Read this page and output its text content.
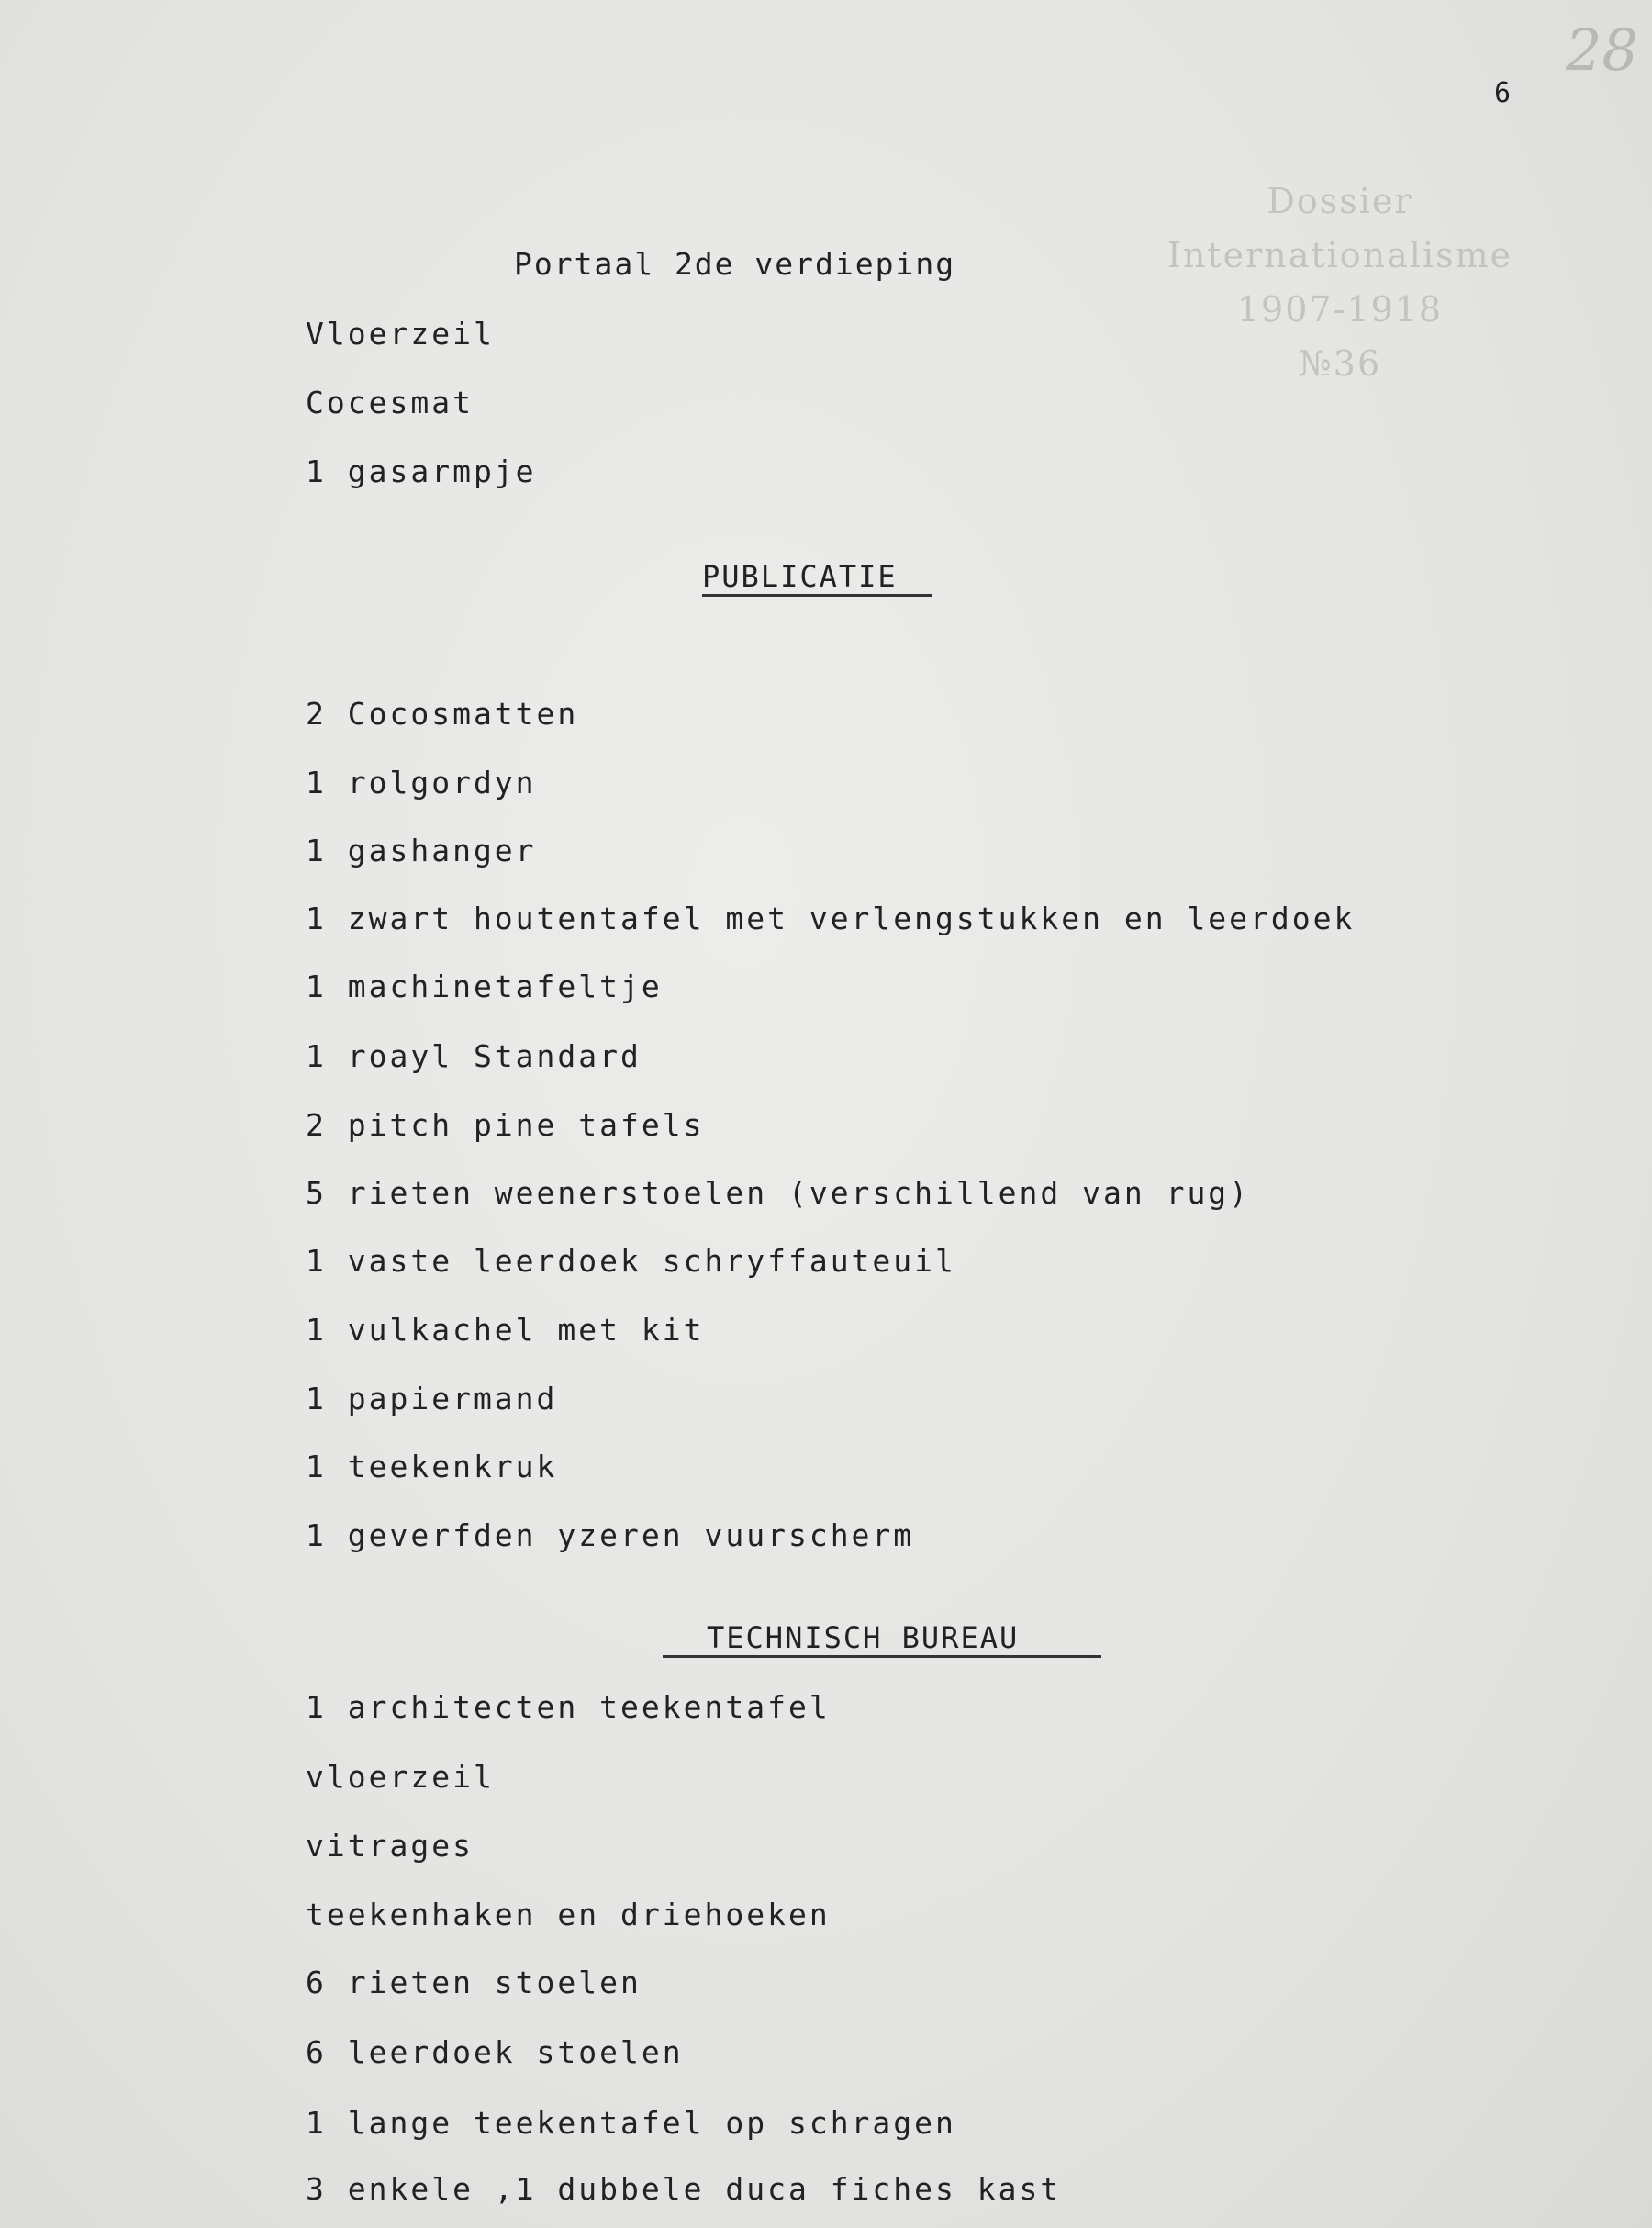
28
6
Dossier
Internationalisme
1907-1918
№36
Portaal 2de verdieping
Vloerzeil
Cocesmat
1 gasarmpje
PUBLICATIE
2 Cocosmatten
1 rolgordyn
1 gashanger
1 zwart houtentafel met verlengstukken en leerdoek
1 machinetafeltje
1 roayl Standard
2 pitch pine tafels
5 rieten weenerstoelen (verschillend van rug)
1 vaste leerdoek schryffauteuil
1 vulkachel met kit
1 papiermand
1 teekenkruk
1 geverfden yzeren vuurscherm
TECHNISCH BUREAU
1 architecten teekentafel
vloerzeil
vitrages
teekenhaken en driehoeken
6 rieten stoelen
6 leerdoek stoelen
1 lange teekentafel op schragen
3 enkele ,1 dubbele duca fiches kast
